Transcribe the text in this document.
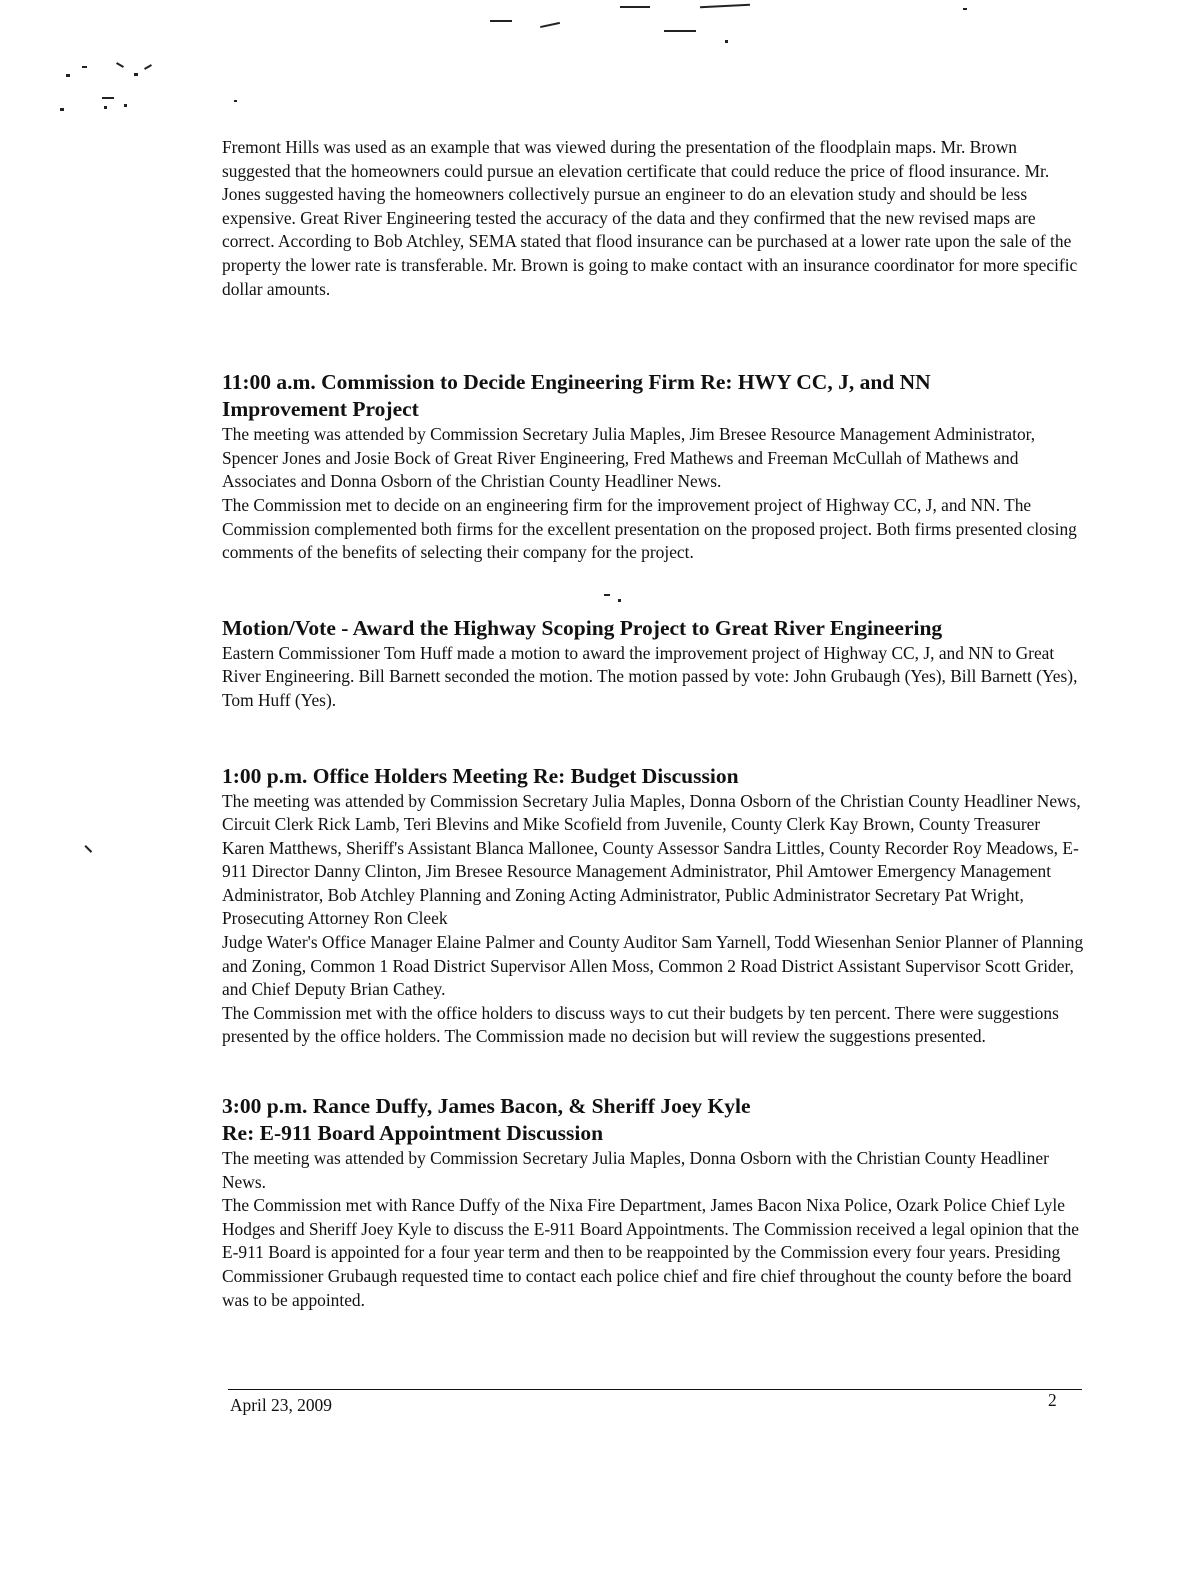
Fremont Hills was used as an example that was viewed during the presentation of the floodplain maps. Mr. Brown suggested that the homeowners could pursue an elevation certificate that could reduce the price of flood insurance. Mr. Jones suggested having the homeowners collectively pursue an engineer to do an elevation study and should be less expensive. Great River Engineering tested the accuracy of the data and they confirmed that the new revised maps are correct. According to Bob Atchley, SEMA stated that flood insurance can be purchased at a lower rate upon the sale of the property the lower rate is transferable. Mr. Brown is going to make contact with an insurance coordinator for more specific dollar amounts.

11:00 a.m. Commission to Decide Engineering Firm Re: HWY CC, J, and NN
Improvement Project

The meeting was attended by Commission Secretary Julia Maples, Jim Bresee Resource Management Administrator, Spencer Jones and Josie Bock of Great River Engineering, Fred Mathews and Freeman McCullah of Mathews and Associates and Donna Osborn of the Christian County Headliner News.

The Commission met to decide on an engineering firm for the improvement project of Highway CC, J, and NN. The Commission complemented both firms for the excellent presentation on the proposed project. Both firms presented closing comments of the benefits of selecting their company for the project.

Motion/Vote - Award the Highway Scoping Project to Great River Engineering

Eastern Commissioner Tom Huff made a motion to award the improvement project of Highway CC, J, and NN to Great River Engineering. Bill Barnett seconded the motion. The motion passed by vote: John Grubaugh (Yes), Bill Barnett (Yes), Tom Huff (Yes).

1:00 p.m. Office Holders Meeting Re: Budget Discussion

The meeting was attended by Commission Secretary Julia Maples, Donna Osborn of the Christian County Headliner News, Circuit Clerk Rick Lamb, Teri Blevins and Mike Scofield from Juvenile, County Clerk Kay Brown, County Treasurer Karen Matthews, Sheriff's Assistant Blanca Mallonee, County Assessor Sandra Littles, County Recorder Roy Meadows, E-911 Director Danny Clinton, Jim Bresee Resource Management Administrator, Phil Amtower Emergency Management Administrator, Bob Atchley Planning and Zoning Acting Administrator, Public Administrator Secretary Pat Wright, Prosecuting Attorney Ron Cleek

Judge Water's Office Manager Elaine Palmer and County Auditor Sam Yarnell, Todd Wiesenhan Senior Planner of Planning and Zoning, Common 1 Road District Supervisor Allen Moss, Common 2 Road District Assistant Supervisor Scott Grider, and Chief Deputy Brian Cathey.

The Commission met with the office holders to discuss ways to cut their budgets by ten percent. There were suggestions presented by the office holders. The Commission made no decision but will review the suggestions presented.

3:00 p.m. Rance Duffy, James Bacon, & Sheriff Joey Kyle
Re: E-911 Board Appointment Discussion

The meeting was attended by Commission Secretary Julia Maples, Donna Osborn with the Christian County Headliner News.

The Commission met with Rance Duffy of the Nixa Fire Department, James Bacon Nixa Police, Ozark Police Chief Lyle Hodges and Sheriff Joey Kyle to discuss the E-911 Board Appointments. The Commission received a legal opinion that the E-911 Board is appointed for a four year term and then to be reappointed by the Commission every four years. Presiding Commissioner Grubaugh requested time to contact each police chief and fire chief throughout the county before the board was to be appointed.

April 23, 2009	2
